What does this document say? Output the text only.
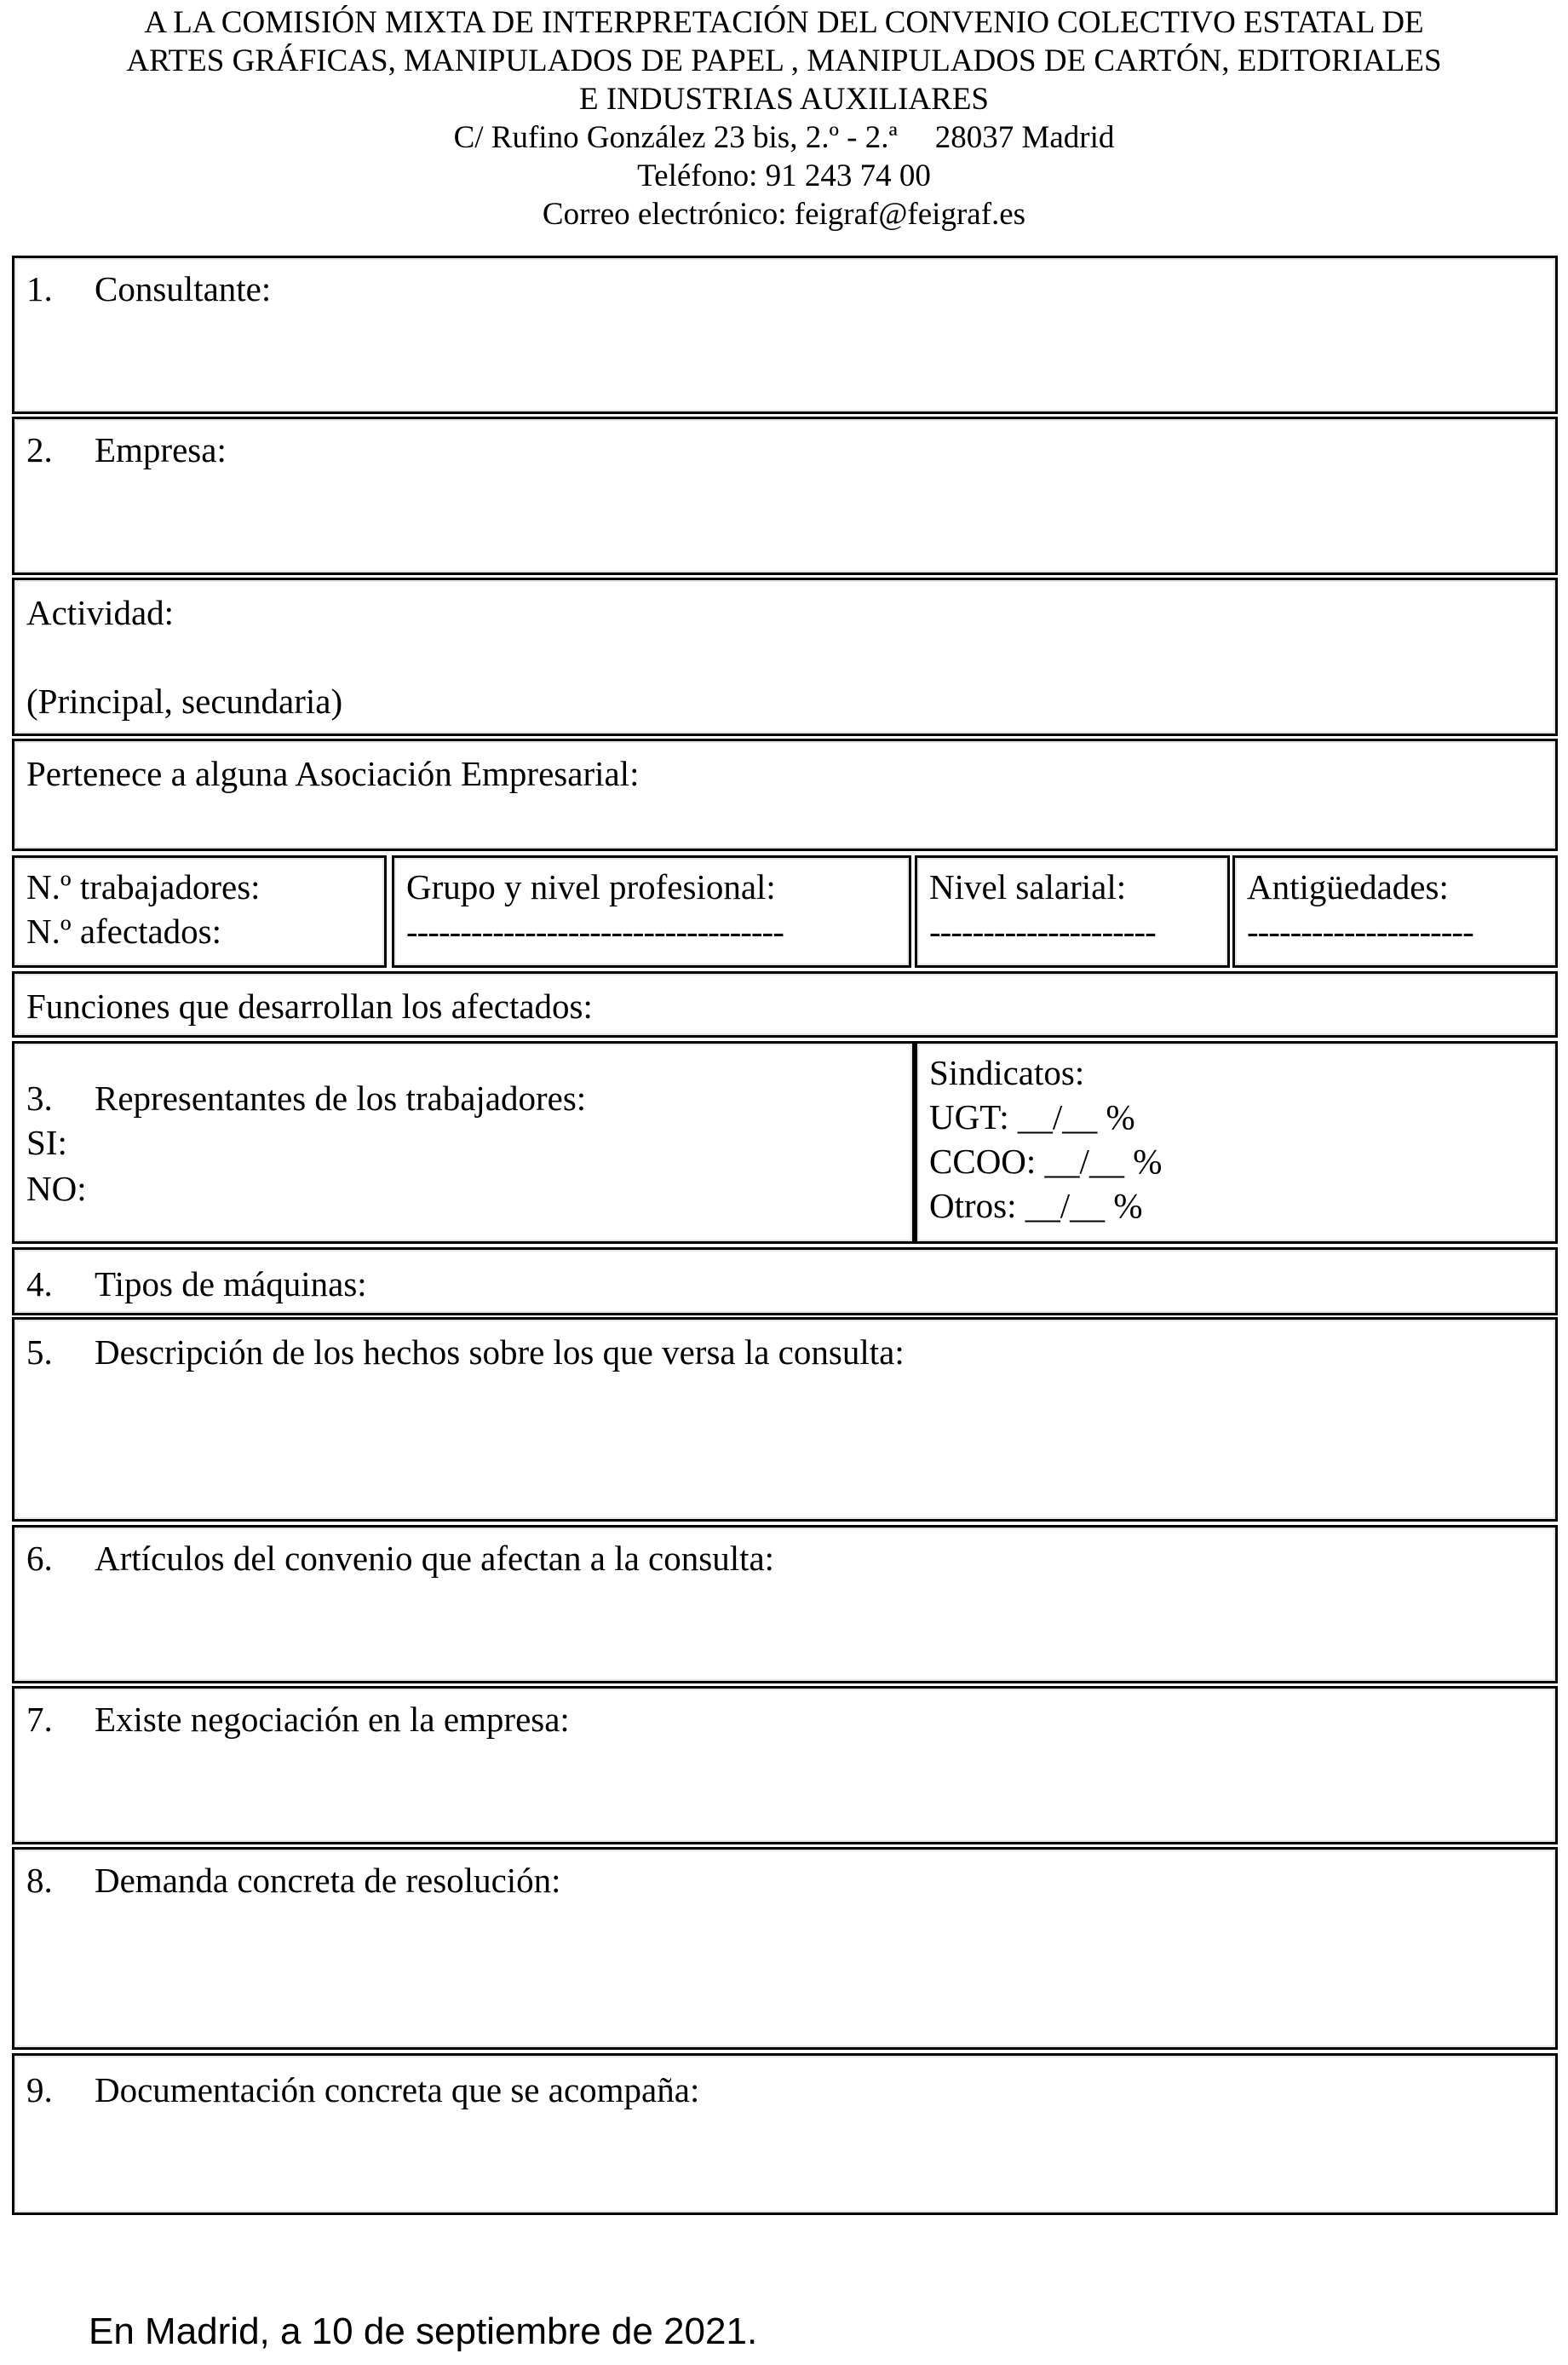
A LA COMISIÓN MIXTA DE INTERPRETACIÓN DEL CONVENIO COLECTIVO ESTATAL DE
ARTES GRÁFICAS, MANIPULADOS DE PAPEL , MANIPULADOS DE CARTÓN, EDITORIALES
E INDUSTRIAS AUXILIARES
C/ Rufino González 23 bis, 2.º - 2.ª 28037 Madrid
Teléfono: 91 243 74 00
Correo electrónico: feigraf@feigraf.es
1. Consultante:
2. Empresa:
Actividad:
(Principal, secundaria)
Pertenece a alguna Asociación Empresarial:
N.º trabajadores:
N.º afectados:
Grupo y nivel profesional:
-----------------------------------
Nivel salarial:
---------------------
Antigüedades:
---------------------
Funciones que desarrollan los afectados:
3. Representantes de los trabajadores:
SI:
NO:
Sindicatos:
UGT: __/__ %
CCOO: __/__ %
Otros: __/__ %
4. Tipos de máquinas:
5. Descripción de los hechos sobre los que versa la consulta:
6. Artículos del convenio que afectan a la consulta:
7. Existe negociación en la empresa:
8. Demanda concreta de resolución:
9. Documentación concreta que se acompaña:
En Madrid, a 10 de septiembre de 2021.
